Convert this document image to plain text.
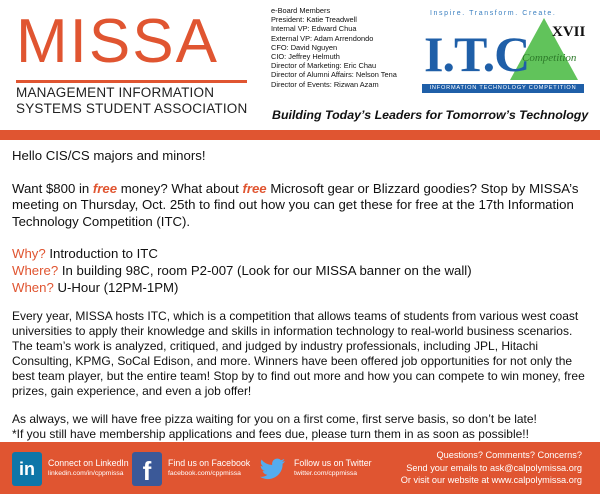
MISSA
MANAGEMENT INFORMATION
SYSTEMS STUDENT ASSOCIATION
e-Board Members
President: Katie Treadwell
Internal VP: Edward Chua
External VP: Adam Arrendondo
CFO: David Nguyen
CIO: Jeffrey Helmuth
Director of Marketing: Eric Chau
Director of Alumni Affairs: Nelson Tena
Director of Events: Rizwan Azam
Inspire. Transform. Create.
I.T.C XVII
Competition
INFORMATION TECHNOLOGY COMPETITION
Building Today’s Leaders for Tomorrow’s Technology
Hello CIS/CS majors and minors!
Want $800 in free money? What about free Microsoft gear or Blizzard goodies? Stop by MISSA’s meeting on Thursday, Oct. 25th to find out how you can get these for free at the 17th Information Technology Competition (ITC).
Why? Introduction to ITC
Where? In building 98C, room P2-007 (Look for our MISSA banner on the wall)
When? U-Hour (12PM-1PM)
Every year, MISSA hosts ITC, which is a competition that allows teams of students from various west coast universities to apply their knowledge and skills in information technology to real-world business scenarios. The team’s work is analyzed, critiqued, and judged by industry professionals, including JPL, Hitachi Consulting, KPMG, SoCal Edison, and more. Winners have been offered job opportunities for not only the best team player, but the entire team! Stop by to find out more and how you can compete to win money, free prizes, gain experience, and even a job offer!
As always, we will have free pizza waiting for you on a first come, first serve basis, so don’t be late!
*If you still have membership applications and fees due, please turn them in as soon as possible!!
in	Connect on LinkedIn
linkedin.com/in/cppmissa f	Find us on Facebook
facebook.com/cppmissa
Follow us on Twitter
twitter.com/cppmissa
Questions? Comments? Concerns?
Send your emails to ask@calpolymissa.org
Or visit our website at www.calpolymissa.org
